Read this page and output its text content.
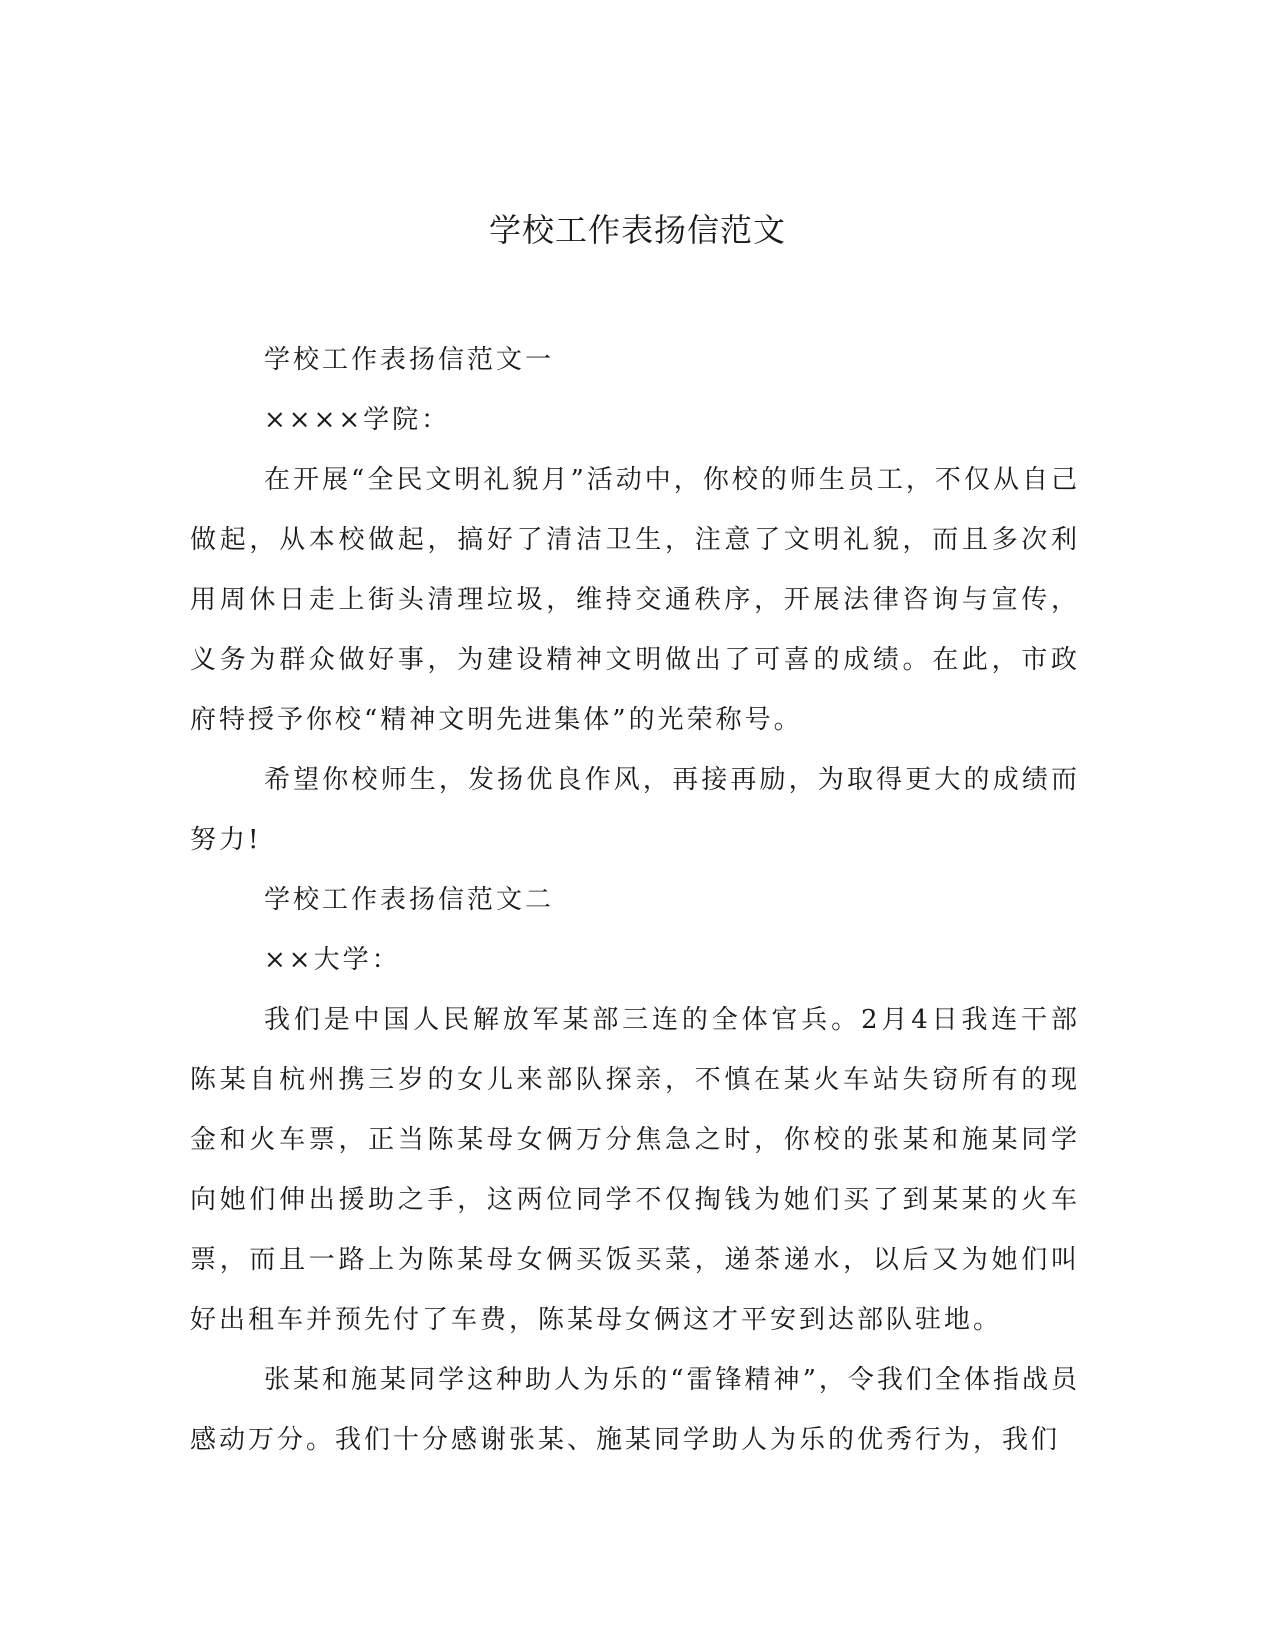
学校工作表扬信范文

学校工作表扬信范文一

××××学院：

在开展“全民文明礼貌月”活动中，你校的师生员工，不仅从自己做起，从本校做起，搞好了清洁卫生，注意了文明礼貌，而且多次利用周休日走上街头清理垃圾，维持交通秩序，开展法律咨询与宣传，义务为群众做好事，为建设精神文明做出了可喜的成绩。在此，市政府特授予你校“精神文明先进集体”的光荣称号。

希望你校师生，发扬优良作风，再接再励，为取得更大的成绩而努力!

学校工作表扬信范文二

××大学：

我们是中国人民解放军某部三连的全体官兵。2月4日我连干部陈某自杭州携三岁的女儿来部队探亲，不慎在某火车站失窃所有的现金和火车票，正当陈某母女俩万分焦急之时，你校的张某和施某同学向她们伸出援助之手，这两位同学不仅掏钱为她们买了到某某的火车票，而且一路上为陈某母女俩买饭买菜，递茶递水，以后又为她们叫好出租车并预先付了车费，陈某母女俩这才平安到达部队驻地。

张某和施某同学这种助人为乐的“雷锋精神”，令我们全体指战员感动万分。我们十分感谢张某、施某同学助人为乐的优秀行为，我们
